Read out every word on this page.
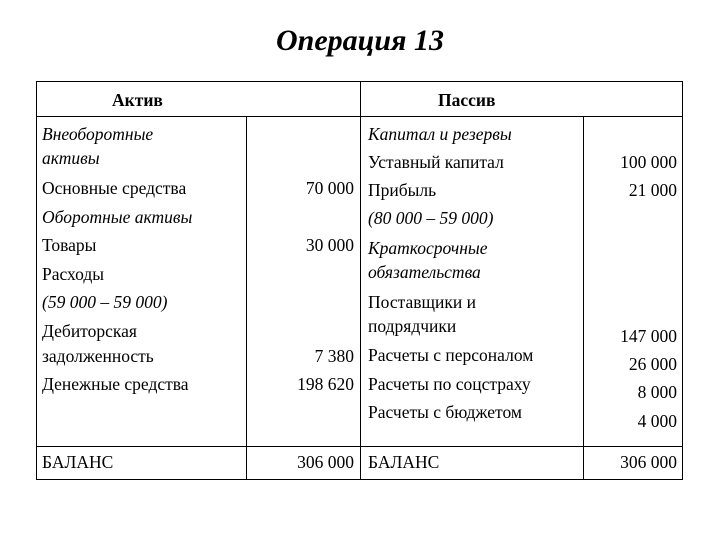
Операция 13
Актив	Пассив
Внеоборотные
активы
Основные средства
Оборотные активы
Товары
Расходы
(59 000 – 59 000)
Дебиторская
задолженность
Денежные средства
БАЛАНС
70 000
30 000
7 380
198 620
306 000
Капитал и резервы
Уставный капитал
Прибыль
(80 000 – 59 000)
Краткосрочные
обязательства
Поставщики и
подрядчики
Расчеты с персоналом
Расчеты по соцстраху
Расчеты с бюджетом
БАЛАНС
100 000
21 000
147 000
26 000
8 000
4 000
306 000
